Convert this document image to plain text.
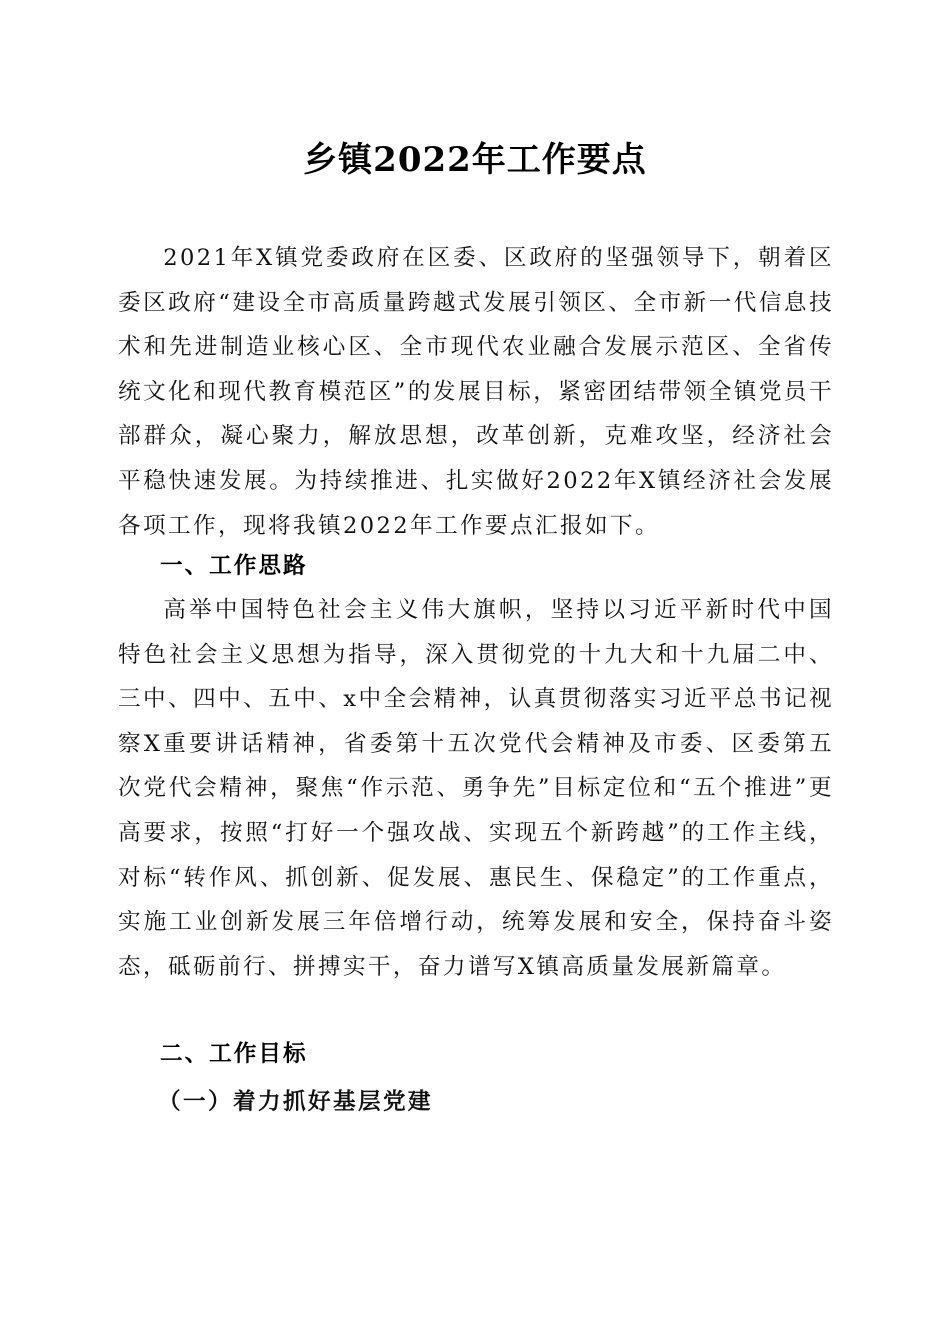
乡镇2022年工作要点

2021年X镇党委政府在区委、区政府的坚强领导下，朝着区委区政府“建设全市高质量跨越式发展引领区、全市新一代信息技术和先进制造业核心区、全市现代农业融合发展示范区、全省传统文化和现代教育模范区”的发展目标，紧密团结带领全镇党员干部群众，凝心聚力，解放思想，改革创新，克难攻坚，经济社会平稳快速发展。为持续推进、扎实做好2022年X镇经济社会发展各项工作，现将我镇2022年工作要点汇报如下。

一、工作思路

高举中国特色社会主义伟大旗帜，坚持以习近平新时代中国特色社会主义思想为指导，深入贯彻党的十九大和十九届二中、三中、四中、五中、x中全会精神，认真贯彻落实习近平总书记视察X重要讲话精神，省委第十五次党代会精神及市委、区委第五次党代会精神，聚焦“作示范、勇争先”目标定位和“五个推进”更高要求，按照“打好一个强攻战、实现五个新跨越”的工作主线，对标“转作风、抓创新、促发展、惠民生、保稳定”的工作重点，实施工业创新发展三年倍增行动，统筹发展和安全，保持奋斗姿态，砥砺前行、拼搏实干，奋力谱写X镇高质量发展新篇章。

二、工作目标
（一）着力抓好基层党建
